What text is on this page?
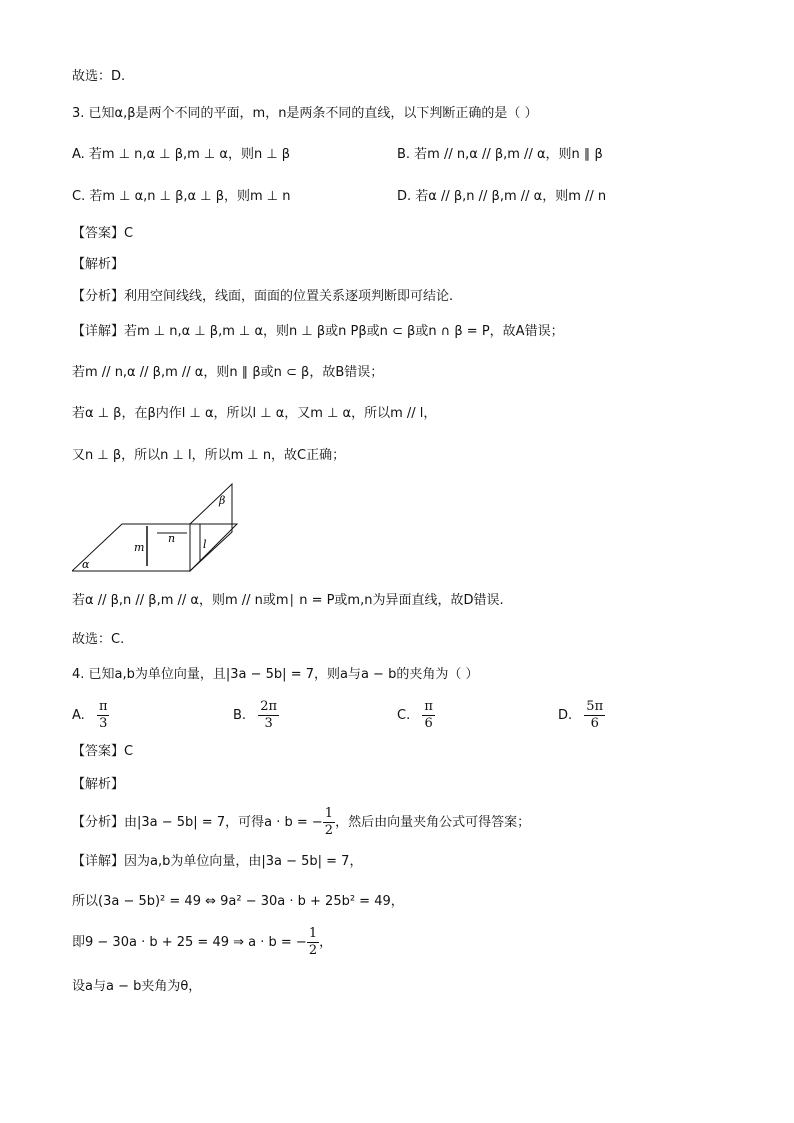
故选：D.
3. 已知α,β是两个不同的平面，m，n是两条不同的直线，以下判断正确的是（ ）
A. 若m ⊥ n,α ⊥ β,m ⊥ α，则n ⊥ β	B. 若m // n,α // β,m // α，则n ∥ β
C. 若m ⊥ α,n ⊥ β,α ⊥ β，则m ⊥ n	D. 若α // β,n // β,m // α，则m // n
【答案】C
【解析】
【分析】利用空间线线，线面，面面的位置关系逐项判断即可结论.
【详解】若m ⊥ n,α ⊥ β,m ⊥ α，则n ⊥ β或n Pβ或n ⊂ β或n ∩ β = P，故A错误；
若m // n,α // β,m // α，则n ∥ β或n ⊂ β，故B错误；
若α ⊥ β，在β内作l ⊥ α，所以l ⊥ α，又m ⊥ α，所以m // l，
又n ⊥ β，所以n ⊥ l，所以m ⊥ n，故C正确；
β
m
n	l
α
若α // β,n // β,m // α，则m // n或m∣ n = P或m,n为异面直线，故D错误.
故选：C.
4. 已知a,b为单位向量，且|3a − 5b| = 7，则a与a − b的夹角为（ ）
A. $\frac{\pi}{3}$	B. $\frac{2\pi}{3}$	C. $\frac{\pi}{6}$	D. $\frac{5\pi}{6}$
【答案】C
【解析】
【分析】由|3a − 5b| = 7，可得a · b = − $\frac{1}{2}$ ，然后由向量夹角公式可得答案；
【详解】因为a,b为单位向量，由|3a − 5b| = 7，
所以(3a − 5b)² = 49 ⇔ 9a² − 30a · b + 25b² = 49，
即9 − 30a · b + 25 = 49 ⇒ a · b = − $\frac{1}{2}$ ，
设a与a − b夹角为θ，
